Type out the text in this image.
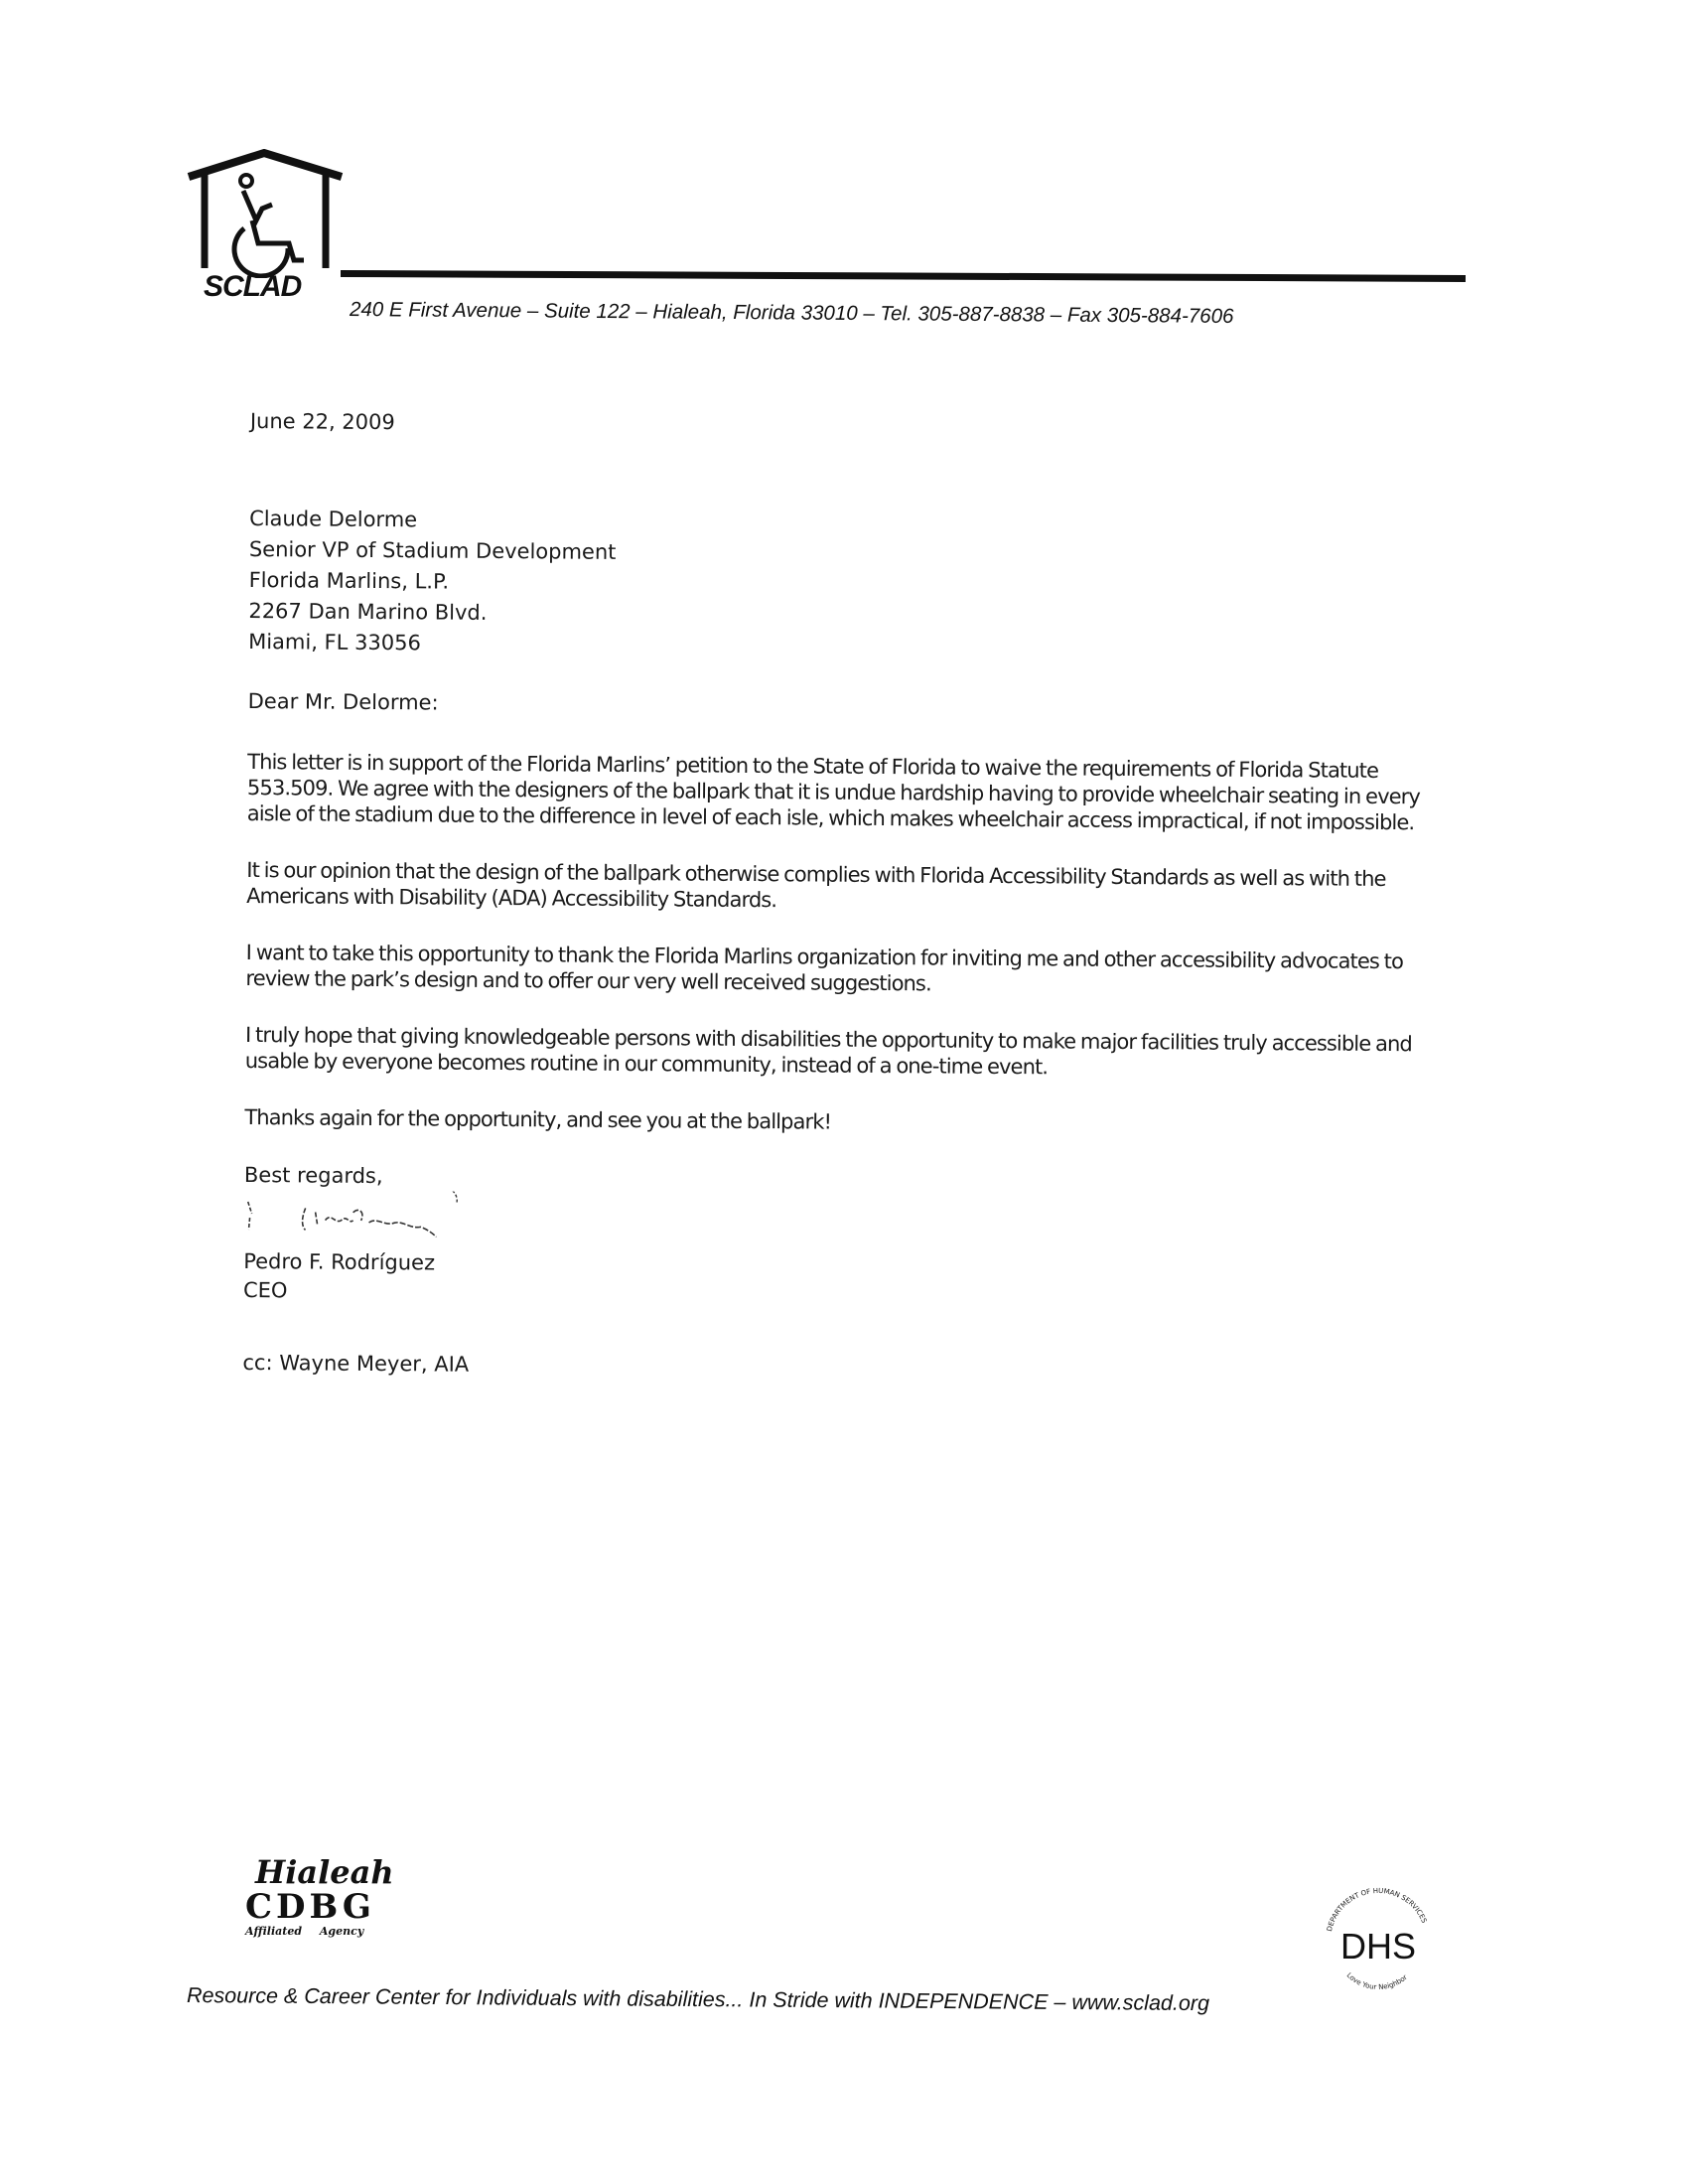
SCLAD
240 E First Avenue – Suite 122 – Hialeah, Florida 33010 – Tel. 305-887-8838 – Fax 305-884-7606
June 22, 2009
Claude Delorme
Senior VP of Stadium Development
Florida Marlins, L.P.
2267 Dan Marino Blvd.
Miami, FL 33056
Dear Mr. Delorme:

This letter is in support of the Florida Marlins’ petition to the State of Florida to waive the requirements of Florida Statute 553.509. We agree with the designers of the ballpark that it is undue hardship having to provide wheelchair seating in every aisle of the stadium due to the difference in level of each isle, which makes wheelchair access impractical, if not impossible.

It is our opinion that the design of the ballpark otherwise complies with Florida Accessibility Standards as well as with the Americans with Disability (ADA) Accessibility Standards.

I want to take this opportunity to thank the Florida Marlins organization for inviting me and other accessibility advocates to review the park’s design and to offer our very well received suggestions.

I truly hope that giving knowledgeable persons with disabilities the opportunity to make major facilities truly accessible and usable by everyone becomes routine in our community, instead of a one-time event.

Thanks again for the opportunity, and see you at the ballpark!

Best regards,
Pedro F. Rodríguez
CEO
cc: Wayne Meyer, AIA
Hialeah
CDBG
Affiliated Agency	DEPARTMENT OF HUMAN SERVICES
DHS
Love Your Neighbor
Resource & Career Center for Individuals with disabilities... In Stride with INDEPENDENCE – www.sclad.org
